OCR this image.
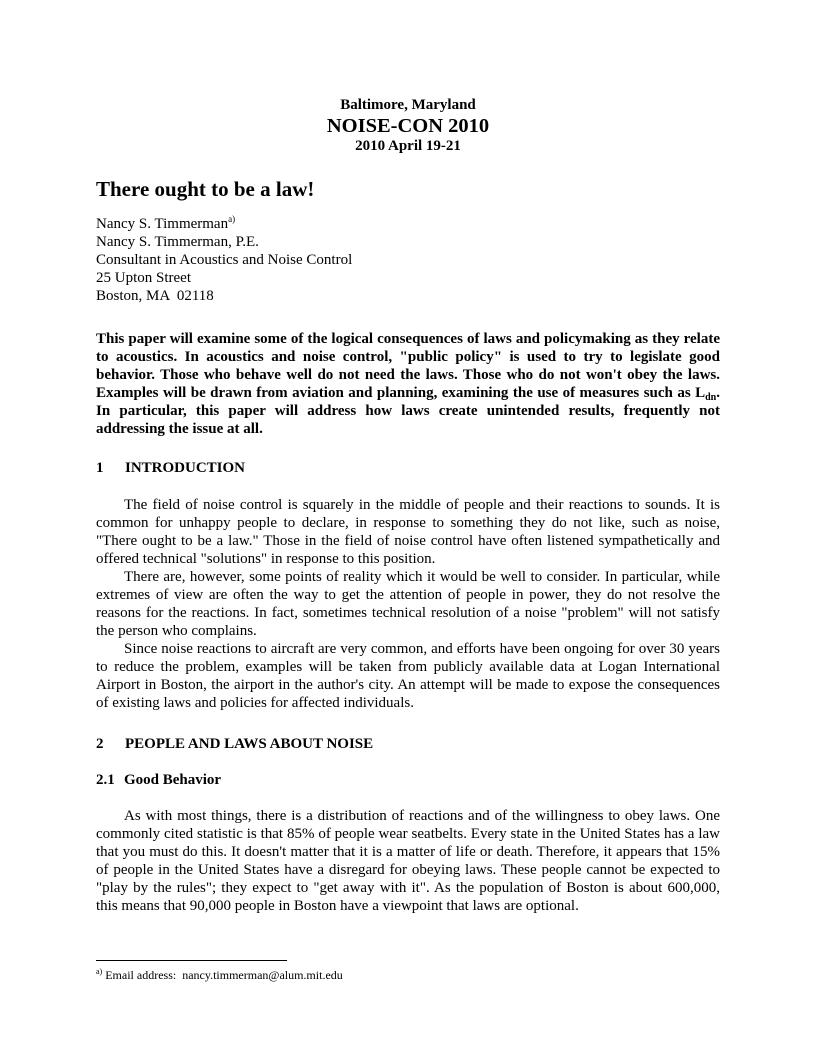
Baltimore, Maryland
NOISE-CON 2010
2010 April 19-21
There ought to be a law!
Nancy S. Timmerman$^{a)}$
Nancy S. Timmerman, P.E.
Consultant in Acoustics and Noise Control
25 Upton Street
Boston, MA  02118

This paper will examine some of the logical consequences of laws and policymaking as they relate to acoustics. In acoustics and noise control, "public policy" is used to try to legislate good behavior. Those who behave well do not need the laws. Those who do not won't obey the laws. Examples will be drawn from aviation and planning, examining the use of measures such as $L_{dn}$. In particular, this paper will address how laws create unintended results, frequently not addressing the issue at all.

1 INTRODUCTION

The field of noise control is squarely in the middle of people and their reactions to sounds. It is common for unhappy people to declare, in response to something they do not like, such as noise, "There ought to be a law." Those in the field of noise control have often listened sympathetically and offered technical "solutions" in response to this position.

There are, however, some points of reality which it would be well to consider. In particular, while extremes of view are often the way to get the attention of people in power, they do not resolve the reasons for the reactions. In fact, sometimes technical resolution of a noise "problem" will not satisfy the person who complains.

Since noise reactions to aircraft are very common, and efforts have been ongoing for over 30 years to reduce the problem, examples will be taken from publicly available data at Logan International Airport in Boston, the airport in the author's city. An attempt will be made to expose the consequences of existing laws and policies for affected individuals.

2 PEOPLE AND LAWS ABOUT NOISE
2.1 Good Behavior

As with most things, there is a distribution of reactions and of the willingness to obey laws. One commonly cited statistic is that 85% of people wear seatbelts. Every state in the United States has a law that you must do this. It doesn't matter that it is a matter of life or death. Therefore, it appears that 15% of people in the United States have a disregard for obeying laws. These people cannot be expected to "play by the rules"; they expect to "get away with it". As the population of Boston is about 600,000, this means that 90,000 people in Boston have a viewpoint that laws are optional.

$^{a)}$ Email address:  nancy.timmerman@alum.mit.edu
